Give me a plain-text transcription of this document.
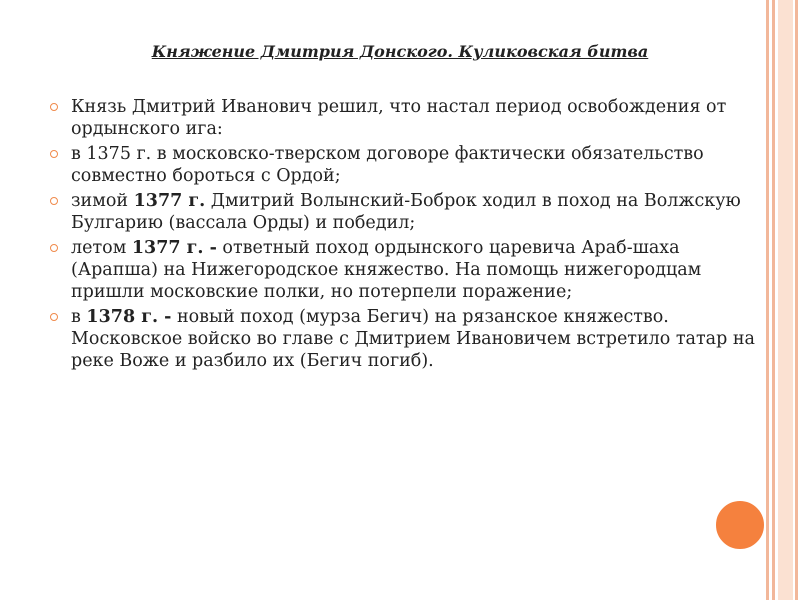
Княжение Дмитрия Донского. Куликовская битва
Князь Дмитрий Иванович решил, что настал период освобождения от ордынского ига:
в 1375 г. в московско-тверском договоре фактически обязательство совместно бороться с Ордой;
зимой 1377 г. Дмитрий Волынский-Боброк ходил в поход на Волжскую Булгарию (вассала Орды) и победил;
летом 1377 г. - ответный поход ордынского царевича Араб-шаха (Арапша) на Нижегородское княжество. На помощь нижегородцам пришли московские полки, но потерпели поражение;
в 1378 г. - новый поход (мурза Бегич) на рязанское княжество. Московское войско во главе с Дмитрием Ивановичем встретило татар на реке Воже и разбило их (Бегич погиб).
